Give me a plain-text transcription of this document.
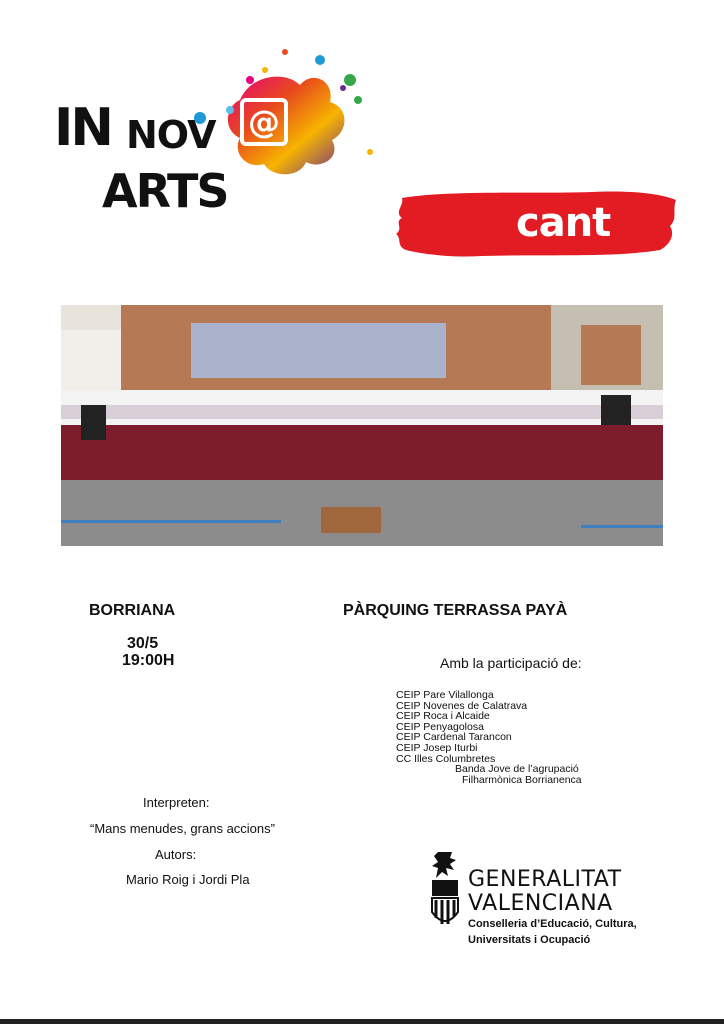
IN NOV @
ARTS
cant
BORRIANA	PÀRQUING TERRASSA PAYÀ
30/5
19:00H	Amb la participació de:
CEIP Pare Vilallonga
CEIP Novenes de Calatrava
CEIP Roca i Alcaide
CEIP Penyagolosa
CEIP Cardenal Tarancon
CEIP Josep Iturbi
CC Illes Columbretes
Banda Jove de l’agrupació
Filharmònica Borrianenca
Interpreten:
“Mans menudes, grans accions”
Autors:
Mario Roig i Jordi Pla	GENERALITAT
VALENCIANA
Conselleria d’Educació, Cultura,
Universitats i Ocupació
